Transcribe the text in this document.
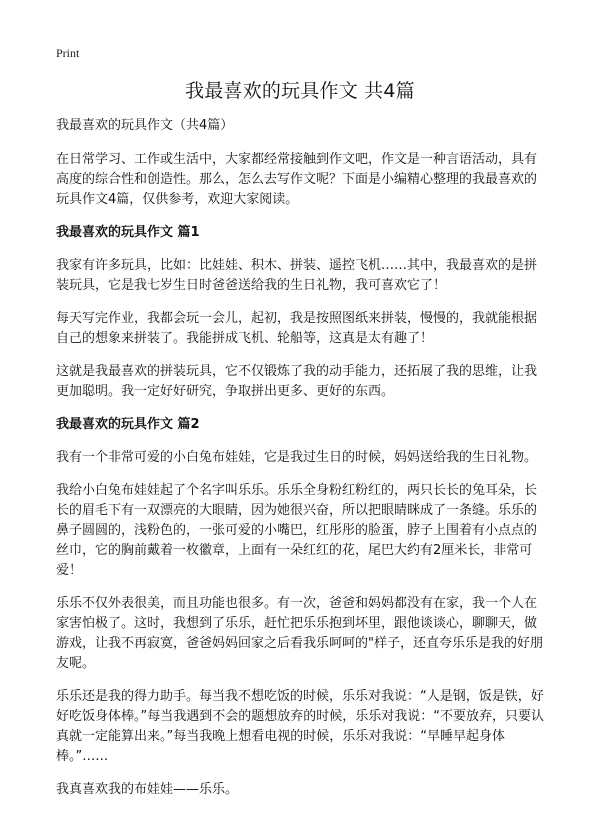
Print
我最喜欢的玩具作文 共4篇

我最喜欢的玩具作文（共4篇）

在日常学习、工作或生活中，大家都经常接触到作文吧，作文是一种言语活动，具有高度的综合性和创造性。那么，怎么去写作文呢？下面是小编精心整理的我最喜欢的玩具作文4篇，仅供参考，欢迎大家阅读。

我最喜欢的玩具作文 篇1

我家有许多玩具，比如：比娃娃、积木、拼装、遥控飞机……其中，我最喜欢的是拼装玩具，它是我七岁生日时爸爸送给我的生日礼物，我可喜欢它了！

每天写完作业，我都会玩一会儿，起初，我是按照图纸来拼装，慢慢的，我就能根据自己的想象来拼装了。我能拼成飞机、轮船等，这真是太有趣了！

这就是我最喜欢的拼装玩具，它不仅锻炼了我的动手能力，还拓展了我的思维，让我更加聪明。我一定好好研究，争取拼出更多、更好的东西。

我最喜欢的玩具作文 篇2

我有一个非常可爱的小白兔布娃娃，它是我过生日的时候，妈妈送给我的生日礼物。

我给小白兔布娃娃起了个名字叫乐乐。乐乐全身粉红粉红的，两只长长的兔耳朵，长长的眉毛下有一双漂亮的大眼睛，因为她很兴奋，所以把眼睛眯成了一条缝。乐乐的鼻子圆圆的，浅粉色的，一张可爱的小嘴巴，红彤彤的脸蛋，脖子上围着有小点点的丝巾，它的胸前戴着一枚徽章，上面有一朵红红的花，尾巴大约有2厘米长，非常可爱！

乐乐不仅外表很美，而且功能也很多。有一次，爸爸和妈妈都没有在家，我一个人在家害怕极了。这时，我想到了乐乐，赶忙把乐乐抱到坏里，跟他谈谈心，聊聊天，做游戏，让我不再寂寞，爸爸妈妈回家之后看我乐呵呵的"样子，还直夸乐乐是我的好朋友呢。

乐乐还是我的得力助手。每当我不想吃饭的时候，乐乐对我说：“人是钢，饭是铁，好好吃饭身体棒。”每当我遇到不会的题想放弃的时候，乐乐对我说：“不要放弃，只要认真就一定能算出来。”每当我晚上想看电视的时候，乐乐对我说：“早睡早起身体棒。”……

我真喜欢我的布娃娃——乐乐。
